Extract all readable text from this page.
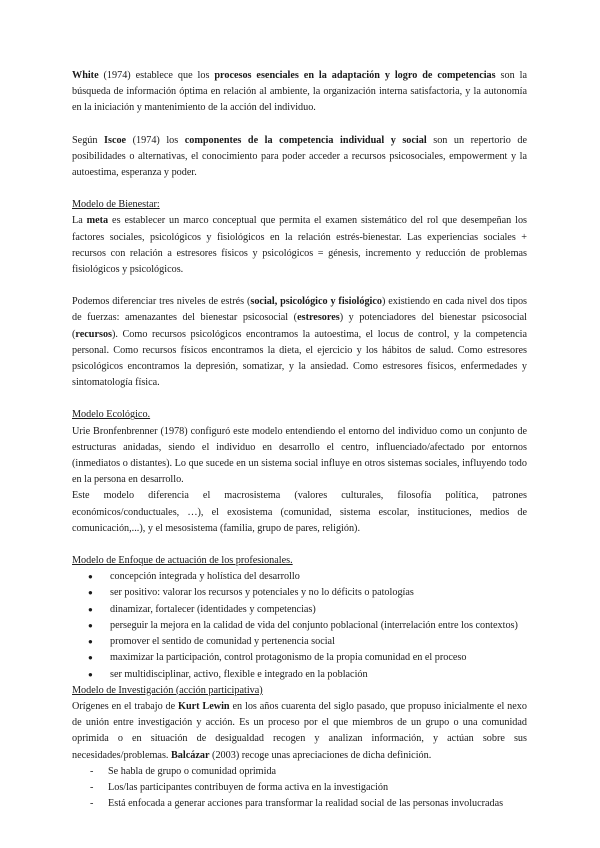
White (1974) establece que los procesos esenciales en la adaptación y logro de competencias son la búsqueda de información óptima en relación al ambiente, la organización interna satisfactoria, y la autonomía en la iniciación y mantenimiento de la acción del individuo.

Según Iscoe (1974) los componentes de la competencia individual y social son un repertorio de posibilidades o alternativas, el conocimiento para poder acceder a recursos psicosociales, empowerment y la autoestima, esperanza y poder.

Modelo de Bienestar:

La meta es establecer un marco conceptual que permita el examen sistemático del rol que desempeñan los factores sociales, psicológicos y fisiológicos en la relación estrés-bienestar. Las experiencias sociales + recursos con relación a estresores físicos y psicológicos = génesis, incremento y reducción de problemas fisiológicos y psicológicos.

Podemos diferenciar tres niveles de estrés (social, psicológico y fisiológico) existiendo en cada nivel dos tipos de fuerzas: amenazantes del bienestar psicosocial (estresores) y potenciadores del bienestar psicosocial (recursos). Como recursos psicológicos encontramos la autoestima, el locus de control, y la competencia personal. Como recursos físicos encontramos la dieta, el ejercicio y los hábitos de salud. Como estresores psicológicos encontramos la depresión, somatizar, y la ansiedad. Como estresores físicos, enfermedades y sintomatología física.

Modelo Ecológico.

Urie Bronfenbrenner (1978) configuró este modelo entendiendo el entorno del individuo como un conjunto de estructuras anidadas, siendo el individuo en desarrollo el centro, influenciado/afectado por entornos (inmediatos o distantes). Lo que sucede en un sistema social influye en otros sistemas sociales, influyendo todo en la persona en desarrollo.

Este modelo diferencia el macrosistema (valores culturales, filosofía política, patrones económicos/conductuales, …), el exosistema (comunidad, sistema escolar, instituciones, medios de comunicación,...), y el mesosistema (familia, grupo de pares, religión).

Modelo de Enfoque de actuación de los profesionales.

● concepción integrada y holística del desarrollo
● ser positivo: valorar los recursos y potenciales y no lo déficits o patologías
● dinamizar, fortalecer (identidades y competencias)
● perseguir la mejora en la calidad de vida del conjunto poblacional (interrelación entre los contextos)
● promover el sentido de comunidad y pertenencia social
● maximizar la participación, control protagonismo de la propia comunidad en el proceso
● ser multidisciplinar, activo, flexible e integrado en la población

Modelo de Investigación (acción participativa)

Orígenes en el trabajo de Kurt Lewin en los años cuarenta del siglo pasado, que propuso inicialmente el nexo de unión entre investigación y acción. Es un proceso por el que miembros de un grupo o una comunidad oprimida o en situación de desigualdad recogen y analizan información, y actúan sobre sus necesidades/problemas. Balcázar (2003) recoge unas apreciaciones de dicha definición.

- Se habla de grupo o comunidad oprimida
- Los/las participantes contribuyen de forma activa en la investigación
- Está enfocada a generar acciones para transformar la realidad social de las personas involucradas
